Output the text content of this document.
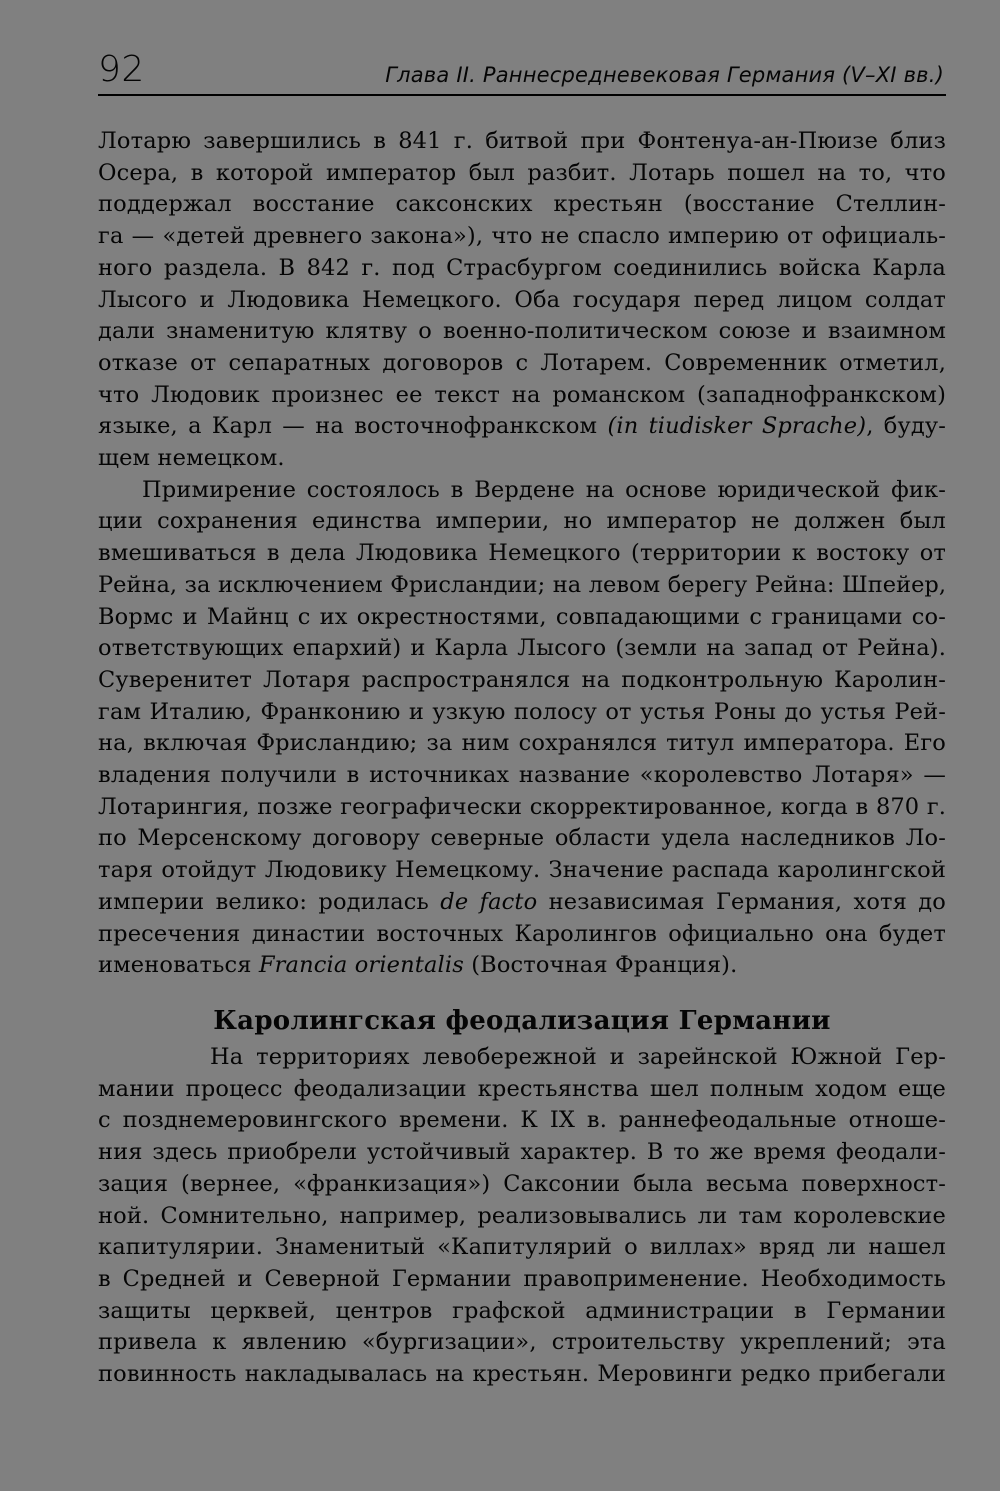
92	Глава II. Раннесредневековая Германия (V–XI вв.)
Лотарю завершились в 841 г. битвой при Фонтенуа-ан-Пюизе близ
Осера, в которой император был разбит. Лотарь пошел на то, что
поддержал восстание саксонских крестьян (восстание Стеллин-
га — «детей древнего закона»), что не спасло империю от официаль-
ного раздела. В 842 г. под Страсбургом соединились войска Карла
Лысого и Людовика Немецкого. Оба государя перед лицом солдат
дали знаменитую клятву о военно-политическом союзе и взаимном
отказе от сепаратных договоров с Лотарем. Современник отметил,
что Людовик произнес ее текст на романском (западнофранкском)
языке, а Карл — на восточнофранкском (in tiudisker Sprache), буду-
щем немецком.
Примирение состоялось в Вердене на основе юридической фик-
ции сохранения единства империи, но император не должен был
вмешиваться в дела Людовика Немецкого (территории к востоку от
Рейна, за исключением Фрисландии; на левом берегу Рейна: Шпейер,
Вормс и Майнц с их окрестностями, совпадающими с границами со-
ответствующих епархий) и Карла Лысого (земли на запад от Рейна).
Суверенитет Лотаря распространялся на подконтрольную Каролин-
гам Италию, Франконию и узкую полосу от устья Роны до устья Рей-
на, включая Фрисландию; за ним сохранялся титул императора. Его
владения получили в источниках название «королевство Лотаря» —
Лотарингия, позже географически скорректированное, когда в 870 г.
по Мерсенскому договору северные области удела наследников Ло-
таря отойдут Людовику Немецкому. Значение распада каролингской
империи велико: родилась de facto независимая Германия, хотя до
пресечения династии восточных Каролингов официально она будет
именоваться Francia orientalis (Восточная Франция).
Каролингская феодализация Германии
На территориях левобережной и зарейнской Южной Гер-
мании процесс феодализации крестьянства шел полным ходом еще
с позднемеровингского времени. К IX в. раннефеодальные отноше-
ния здесь приобрели устойчивый характер. В то же время феодали-
зация (вернее, «франкизация») Саксонии была весьма поверхност-
ной. Сомнительно, например, реализовывались ли там королевские
капитулярии. Знаменитый «Капитулярий о виллах» вряд ли нашел
в Средней и Северной Германии правоприменение. Необходимость
защиты церквей, центров графской администрации в Германии
привела к явлению «бургизации», строительству укреплений; эта
повинность накладывалась на крестьян. Меровинги редко прибегали
